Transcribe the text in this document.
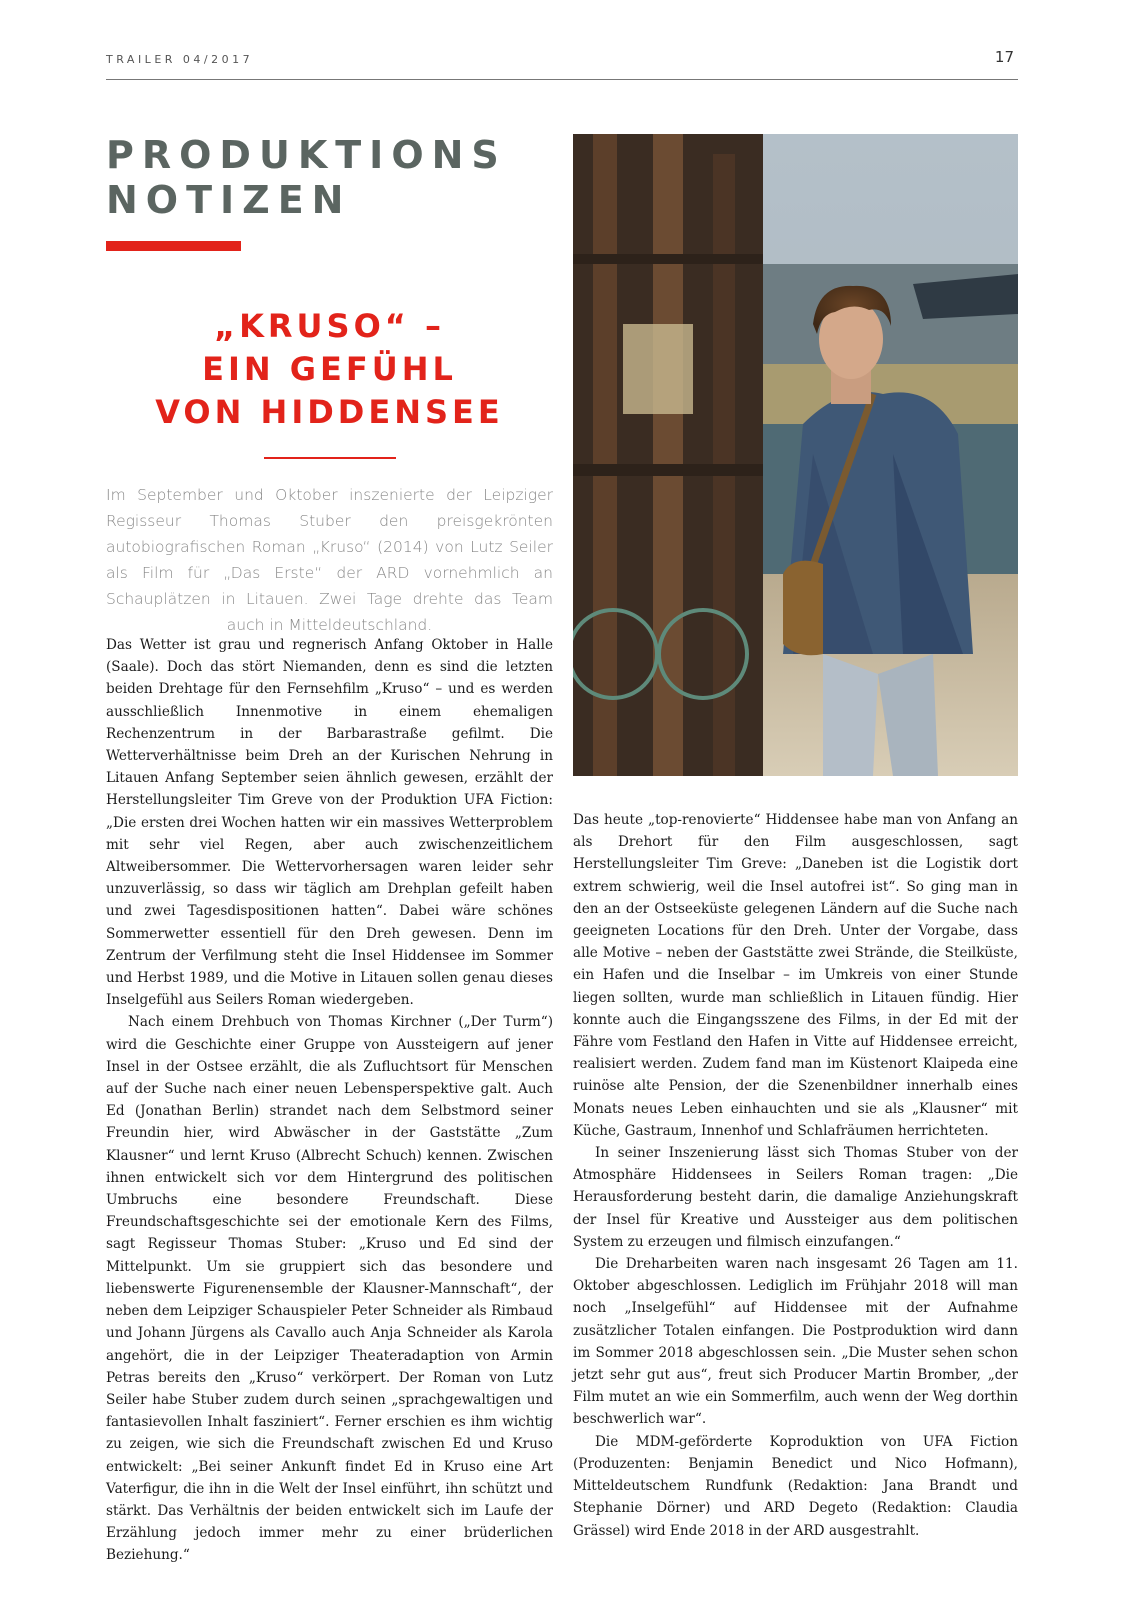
TRAILER 04/2017	17
PRODUKTIONS
NOTIZEN
„KRUSO“ –
EIN GEFÜHL
VON HIDDENSEE
Im September und Oktober inszenierte der Leipziger Regisseur Thomas Stuber den preisgekrönten autobiografischen Roman „Kruso“ (2014) von Lutz Seiler als Film für „Das Erste“ der ARD vornehmlich an Schauplätzen in Litauen. Zwei Tage drehte das Team auch in Mitteldeutschland.

Das Wetter ist grau und regnerisch Anfang Oktober in Halle (Saale). Doch das stört Niemanden, denn es sind die letzten beiden Drehtage für den Fernsehfilm „Kruso“ – und es werden ausschließlich Innenmotive in einem ehemaligen Rechenzentrum in der Barbarastraße gefilmt. Die Wetterverhältnisse beim Dreh an der Kurischen Nehrung in Litauen Anfang September seien ähnlich gewesen, erzählt der Herstellungsleiter Tim Greve von der Produktion UFA Fiction: „Die ersten drei Wochen hatten wir ein massives Wetterproblem mit sehr viel Regen, aber auch zwischenzeitlichem Altweibersommer. Die Wettervorhersagen waren leider sehr unzuverlässig, so dass wir täglich am Drehplan gefeilt haben und zwei Tagesdispositionen hatten“. Dabei wäre schönes Sommerwetter essentiell für den Dreh gewesen. Denn im Zentrum der Verfilmung steht die Insel Hiddensee im Sommer und Herbst 1989, und die Motive in Litauen sollen genau dieses Inselgefühl aus Seilers Roman wiedergeben.

Nach einem Drehbuch von Thomas Kirchner („Der Turm“) wird die Geschichte einer Gruppe von Aussteigern auf jener Insel in der Ostsee erzählt, die als Zufluchtsort für Menschen auf der Suche nach einer neuen Lebensperspektive galt. Auch Ed (Jonathan Berlin) strandet nach dem Selbstmord seiner Freundin hier, wird Abwäscher in der Gaststätte „Zum Klausner“ und lernt Kruso (Albrecht Schuch) kennen. Zwischen ihnen entwickelt sich vor dem Hintergrund des politischen Umbruchs eine besondere Freundschaft. Diese Freundschaftsgeschichte sei der emotionale Kern des Films, sagt Regisseur Thomas Stuber: „Kruso und Ed sind der Mittelpunkt. Um sie gruppiert sich das besondere und liebenswerte Figurenensemble der Klausner-Mannschaft“, der neben dem Leipziger Schauspieler Peter Schneider als Rimbaud und Johann Jürgens als Cavallo auch Anja Schneider als Karola angehört, die in der Leipziger Theateradaption von Armin Petras bereits den „Kruso“ verkörpert. Der Roman von Lutz Seiler habe Stuber zudem durch seinen „sprachgewaltigen und fantasievollen Inhalt fasziniert“. Ferner erschien es ihm wichtig zu zeigen, wie sich die Freundschaft zwischen Ed und Kruso entwickelt: „Bei seiner Ankunft findet Ed in Kruso eine Art Vaterfigur, die ihn in die Welt der Insel einführt, ihn schützt und stärkt. Das Verhältnis der beiden entwickelt sich im Laufe der Erzählung jedoch immer mehr zu einer brüderlichen Beziehung.“

Das heute „top-renovierte“ Hiddensee habe man von Anfang an als Drehort für den Film ausgeschlossen, sagt Herstellungsleiter Tim Greve: „Daneben ist die Logistik dort extrem schwierig, weil die Insel autofrei ist“. So ging man in den an der Ostseeküste gelegenen Ländern auf die Suche nach geeigneten Locations für den Dreh. Unter der Vorgabe, dass alle Motive – neben der Gaststätte zwei Strände, die Steilküste, ein Hafen und die Inselbar – im Umkreis von einer Stunde liegen sollten, wurde man schließlich in Litauen fündig. Hier konnte auch die Eingangsszene des Films, in der Ed mit der Fähre vom Festland den Hafen in Vitte auf Hiddensee erreicht, realisiert werden. Zudem fand man im Küstenort Klaipeda eine ruinöse alte Pension, der die Szenenbildner innerhalb eines Monats neues Leben einhauchten und sie als „Klausner“ mit Küche, Gastraum, Innenhof und Schlafräumen herrichteten.

In seiner Inszenierung lässt sich Thomas Stuber von der Atmosphäre Hiddensees in Seilers Roman tragen: „Die Herausforderung besteht darin, die damalige Anziehungskraft der Insel für Kreative und Aussteiger aus dem politischen System zu erzeugen und filmisch einzufangen.“

Die Dreharbeiten waren nach insgesamt 26 Tagen am 11. Oktober abgeschlossen. Lediglich im Frühjahr 2018 will man noch „Inselgefühl“ auf Hiddensee mit der Aufnahme zusätzlicher Totalen einfangen. Die Postproduktion wird dann im Sommer 2018 abgeschlossen sein. „Die Muster sehen schon jetzt sehr gut aus“, freut sich Producer Martin Bromber, „der Film mutet an wie ein Sommerfilm, auch wenn der Weg dorthin beschwerlich war“.

Die MDM-geförderte Koproduktion von UFA Fiction (Produzenten: Benjamin Benedict und Nico Hofmann), Mitteldeutschem Rundfunk (Redaktion: Jana Brandt und Stephanie Dörner) und ARD Degeto (Redaktion: Claudia Grässel) wird Ende 2018 in der ARD ausgestrahlt.
